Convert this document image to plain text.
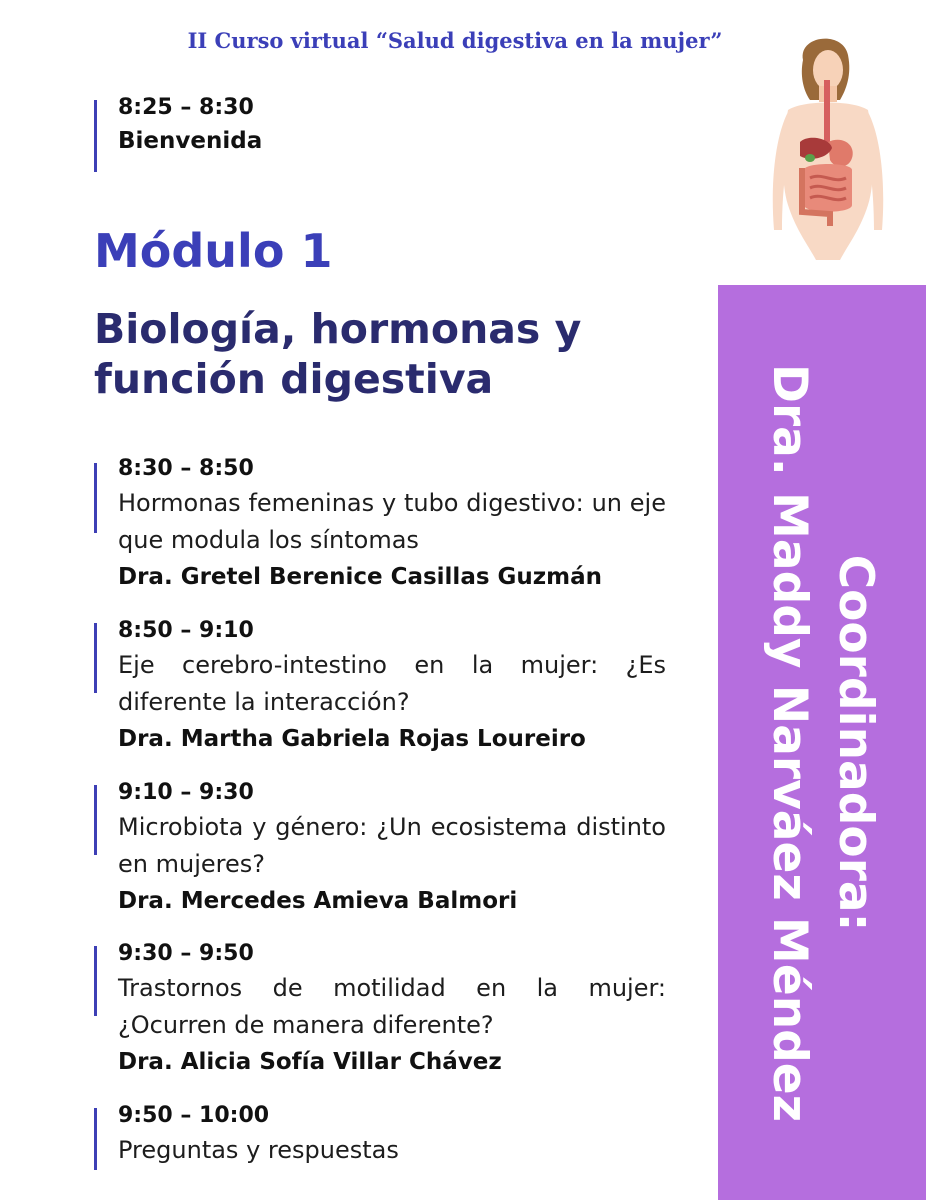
II Curso virtual “Salud digestiva en la mujer”
8:25 – 8:30
Bienvenida
Módulo 1
Biología, hormonas y función digestiva
8:30 – 8:50
Hormonas femeninas y tubo digestivo: un eje que modula los síntomas
Dra. Gretel Berenice Casillas Guzmán
8:50 – 9:10
Eje cerebro-intestino en la mujer: ¿Es diferente la interacción?
Dra. Martha Gabriela Rojas Loureiro
9:10 – 9:30
Microbiota y género: ¿Un ecosistema distinto en mujeres?
Dra. Mercedes Amieva Balmori
9:30 – 9:50
Trastornos de motilidad en la mujer: ¿Ocurren de manera diferente?
Dra. Alicia Sofía Villar Chávez
9:50 – 10:00
Preguntas y respuestas
Coordinadora:
Dra. Maddy Narváez Méndez
